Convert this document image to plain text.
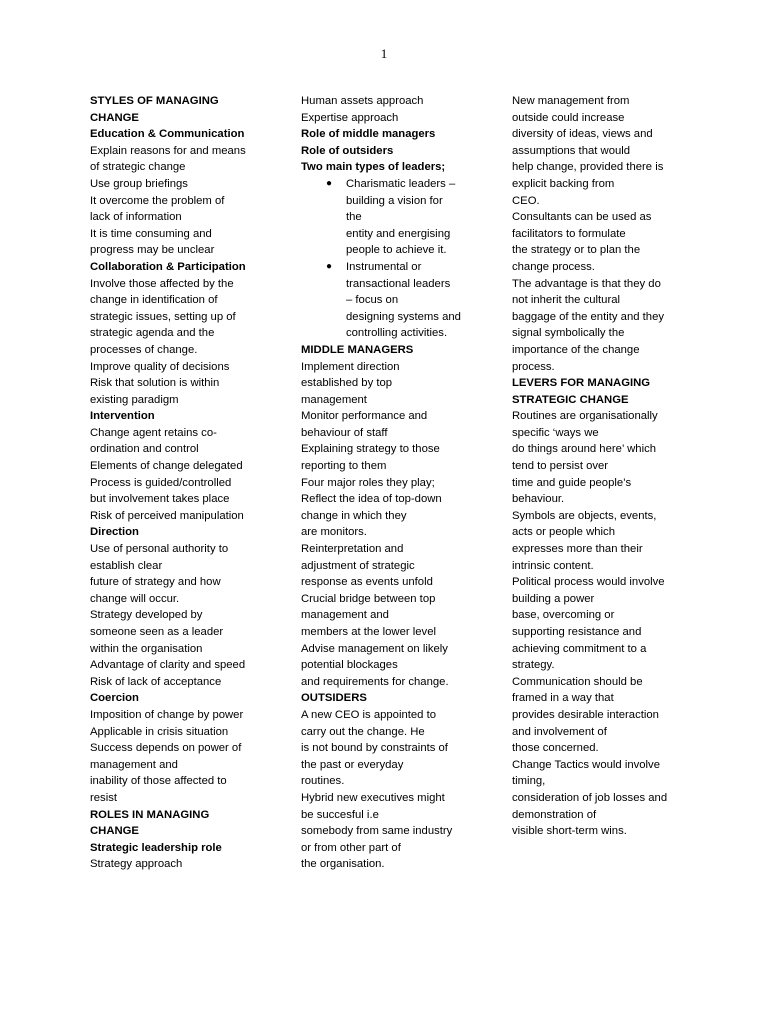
1
STYLES OF MANAGING
CHANGE
Education & Communication
Explain reasons for and means
of strategic change
Use group briefings
It overcome the problem of
lack of information
It is time consuming and
progress may be unclear
Collaboration & Participation
Involve those affected by the
change in identification of
strategic issues, setting up of
strategic agenda and the
processes of change.
Improve quality of decisions
Risk that solution is within
existing paradigm
Intervention
Change agent retains co-
ordination and control
Elements of change delegated
Process is guided/controlled
but involvement takes place
Risk of perceived manipulation
Direction
Use of personal authority to
establish clear
future of strategy and how
change will occur.
Strategy developed by
someone seen as a leader
within the organisation
Advantage of clarity and speed
Risk of lack of acceptance
Coercion
Imposition of change by power
Applicable in crisis situation
Success depends on power of
management and
inability of those affected to
resist
ROLES IN MANAGING
CHANGE
Strategic leadership role
Strategy approach
Human assets approach
Expertise approach
Role of middle managers
Role of outsiders
Two main types of leaders;
● Charismatic leaders –
building a vision for
the
entity and energising
people to achieve it.
● Instrumental or
transactional leaders
– focus on
designing systems and
controlling activities.
MIDDLE MANAGERS
Implement direction
established by top
management
Monitor performance and
behaviour of staff
Explaining strategy to those
reporting to them
Four major roles they play;
Reflect the idea of top-down
change in which they
are monitors.
Reinterpretation and
adjustment of strategic
response as events unfold
Crucial bridge between top
management and
members at the lower level
Advise management on likely
potential blockages
and requirements for change.
OUTSIDERS
A new CEO is appointed to
carry out the change. He
is not bound by constraints of
the past or everyday
routines.
Hybrid new executives might
be succesful i.e
somebody from same industry
or from other part of
the organisation.
New management from
outside could increase
diversity of ideas, views and
assumptions that would
help change, provided there is
explicit backing from
CEO.
Consultants can be used as
facilitators to formulate
the strategy or to plan the
change process.
The advantage is that they do
not inherit the cultural
baggage of the entity and they
signal symbolically the
importance of the change
process.
LEVERS FOR MANAGING
STRATEGIC CHANGE
Routines are organisationally
specific ‘ways we
do things around here’ which
tend to persist over
time and guide people’s
behaviour.
Symbols are objects, events,
acts or people which
expresses more than their
intrinsic content.
Political process would involve
building a power
base, overcoming or
supporting resistance and
achieving commitment to a
strategy.
Communication should be
framed in a way that
provides desirable interaction
and involvement of
those concerned.
Change Tactics would involve
timing,
consideration of job losses and
demonstration of
visible short-term wins.
